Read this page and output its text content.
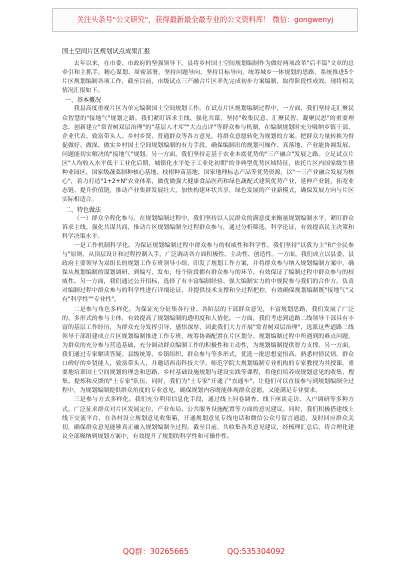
关注头条号"公文研究"，获得最新最全最专业的公文资料库！ 微信：gongwenyj
国土空间片区规划试点成果汇报

去年以来，在市委、市政府的坚强领导下，县将乡村国土空间规划编制作为做好两项改革"后半篇"文章的总牵引和主抓手，精心谋划、周密部署，坚持问题导向、坚持目标导向，统筹城乡一体规划的思路，系统推进5个片区规划编制各项工作，截至目前，市级试点三产融合片区率先完成初步方案编制，取得阶段性成效。现将相关情况汇报如下。

一、基本概况

我县高度重视片区为单元编制国土空间规划工作。在试点片区规划编制过程中，一方面，我们坚持走汇聚民众智慧的"接地气"规划之路。我们紧盯诉求主线、强化共谋，坚持"收集民意、汇聚民智、凝聚民思"的重要理念，创新建立"常青树双层治理"的"基层人才库""大点点评"等群众参与机制，在编制规划时充分吸纳乡镇干部、企业代表、致富带头人、乡村乡贤、普通群众等各方意见，将群众意愿转化为规划的方案。把群众力量转换为督促做好、做深、做实乡村国土空间规划编制的有力手段，确保编制出的规划可操作、真落地、产业能协调发展、问题能切实解决的"接地气"规划。另一方面，我们坚持走基于农业本底优势的"三产融合"发展之路。立足试点片区"人均收入水平低于工业化后期、城镇化水平处于工业化初期"的非典型优势区域特征，依托片区内国家级生猪种业园区、国家级蔬菜制种核心基地、枝柑种苗基地、国家地理标志产品等优势资源，以"一三产业融合发展为核心"，着力打造"1+2+N"农业体系，做优做强大健康食品医药和绿色蔬配式建筑优势产业，延伸产业链、拓宽业态链、提升价值链，推动产业集群发展壮大，加快构建环状共享，绿色发展的产业新模式，确保发展方向与片区实际相适合。

二、特色做法

（一）群众全程化参与。在规划编制过程中，我们坚持以人民群众的满意度来衡量规划编制水平，紧盯群众诉求主线、强化共谋共商，推动片区规划编制全过程群众参与，通过分析筛选、科学论证，有效提高民主决策和科学决策水平。

一是工作机制科学化。为保证规划编制过程中群众参与的权威性和科学性，我们坚持"以我为主"和"全民参与"原则，从顶层设计和过程控制入手，广泛调动各方面积极性、主动性、创造性。一方面，我们成立以县委、县政府主要领导为双组长的规划工作专班领导小组，印发了规划工作方案，并将群众参与纳入规划编制方案中，确保从规划编制的谋划调研、到编写、发布、每个阶段都有群众参与的环节。有效保证了编制过程中群众参与的权威性。另一方面，我们通过公开招标，选择了有丰富编制经验、强大编制实力的中规院参与我们的合作方，负责对编制过程中群众参与的科学性进行详细论证，并提供技术支撑和全过程把控，有效确保规划编制既"接地气"又有"科学性""专业性"。

二是参与角色多样化。为保证充分征集各行业、各阶层的干部群众意见，丰富规划思路，我们发展了广泛的、多形式的参与主体，有效提高了规划编制的透明度和人情化。一方面，我们考虑到道路二线领导干部具有丰富的基层工作经历，为群众充分发挥引导、感悟深厚，因此我们大力开展"常青树双层治理"，选派这些道路二线领导干部组建成立片区规划编制推进工作专班，统筹协调配置在片区划分、规划编制过程中所遇到的难点问题，为群众的充分参与营造基础，充分调动群众编制工作的积极性和主动性，为规划编制提供智力支撑。另一方面，我们通过专家解读答疑、县级统筹、乡镇组织、群众参与等多形式，优选一批思想觉悟高、熟悉村情民情，群众口碑好的乡贤能人、致富带头人，并邀请西南科技大学、师范学院大规划编制专业机构的专家教授为其授课，重要地培训国土空间规划的理念和思路，乡村基础设施规划与建设实践等课程，将他们培养成规划意见的收集、搜集、提炼和反馈的"土专家"队伍，同时，我们为"土专家"开通了"直通车"，让他们可以直接参与到规划编制全过程中，为规划编制提供群众角度的专业意见，确保规划内容既能体现群众意愿，又能满足专业要求。

三是参与方式多样化。我们充分利用信息化手段，通过线上问卷调查、线下座谈走访、入户调研等多种方式，广泛征求群众对片区发展定位、产业布局、公共服务设施配置等方面的意见建议。同时，我们积极搭建线上线下交流平台，在各村设立规划意见收集箱，开通规划意见专线电话和微信公众号留言通道，及时回应群众关切，确保群众意见能够真正融入规划编制全过程。截至目前，共收集各类意见建议，经梳理汇总后，将合理化建议全部吸纳到规划方案中，有效提升了规划的科学性和可操作性。

QQ群：30265665	QQ:535304092
